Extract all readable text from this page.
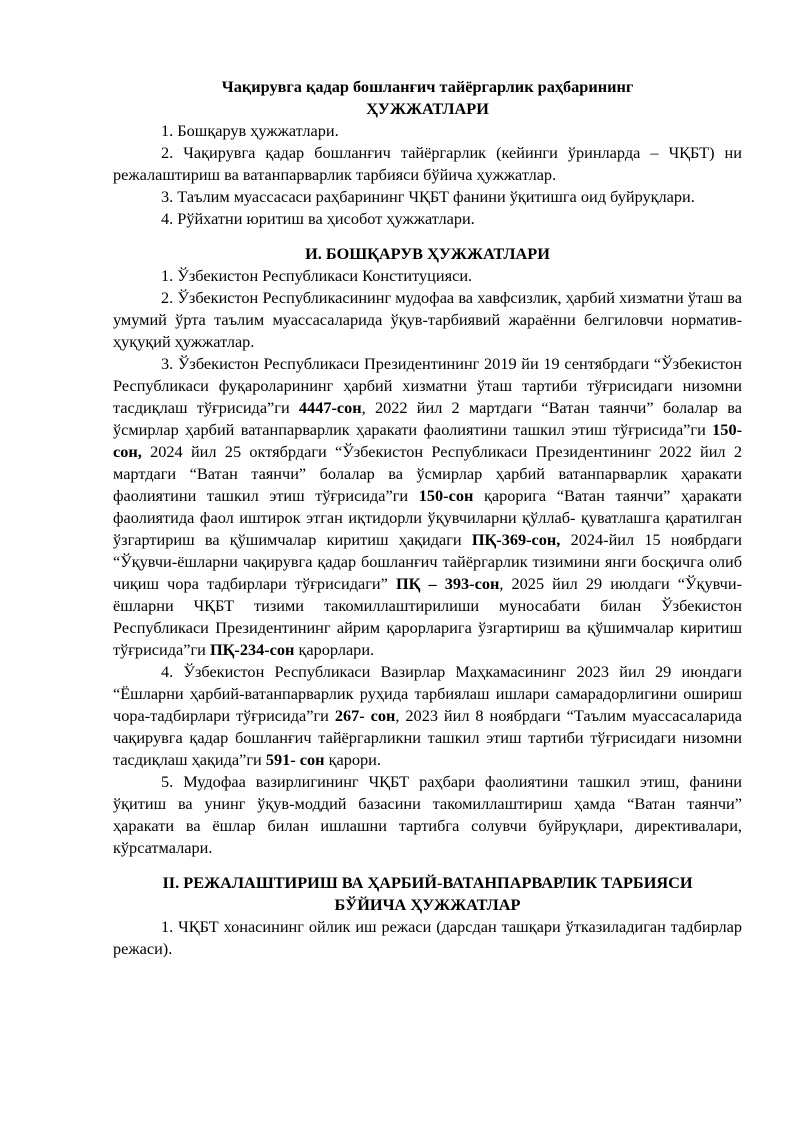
Чақирувга қадар бошланғич тайёргарлик раҳбарининг

ҲУЖЖАТЛАРИ

1. Бошқарув ҳужжатлари.

2. Чақирувга қадар бошланғич тайёргарлик (кейинги ўринларда – ЧҚБТ) ни режалаштириш ва ватанпарварлик тарбияси бўйича ҳужжатлар.

3. Таълим муассасаси раҳбарининг ЧҚБТ фанини ўқитишга оид буйруқлари.

4. Рўйхатни юритиш ва ҳисобот ҳужжатлари.

И. БОШҚАРУВ ҲУЖЖАТЛАРИ

1. Ўзбекистон Республикаси Конституцияси.

2. Ўзбекистон Республикасининг мудофаа ва хавфсизлик, ҳарбий хизматни ўташ ва умумий ўрта таълим муассасаларида ўқув-тарбиявий жараённи белгиловчи норматив-ҳуқуқий ҳужжатлар.

3. Ўзбекистон Республикаси Президентининг 2019 йи 19 сентябрдаги “Ўзбекистон Республикаси фуқароларининг ҳарбий хизматни ўташ тартиби тўғрисидаги низомни тасдиқлаш тўғрисида”ги 4447-сон, 2022 йил 2 мартдаги “Ватан таянчи” болалар ва ўсмирлар ҳарбий ватанпарварлик ҳаракати фаолиятини ташкил этиш тўғрисида”ги 150-сон, 2024 йил 25 октябрдаги “Ўзбекистон Республикаси Президентининг 2022 йил 2 мартдаги “Ватан таянчи” болалар ва ўсмирлар ҳарбий ватанпарварлик ҳаракати фаолиятини ташкил этиш тўғрисида”ги 150-сон қарорига “Ватан таянчи” ҳаракати фаолиятида фаол иштирок этган иқтидорли ўқувчиларни қўллаб- қуватлашга қаратилган ўзгартириш ва қўшимчалар киритиш ҳақидаги ПҚ-369-сон, 2024-йил 15 ноябрдаги “Ўқувчи-ёшларни чақирувга қадар бошланғич тайёргарлик тизимини янги босқичга олиб чиқиш чора тадбирлари тўғрисидаги” ПҚ – 393-сон, 2025 йил 29 июлдаги “Ўқувчи-ёшларни ЧҚБТ тизими такомиллаштирилиши муносабати билан Ўзбекистон Республикаси Президентининг айрим қарорларига ўзгартириш ва қўшимчалар киритиш тўғрисида”ги ПҚ-234-сон қарорлари.

4. Ўзбекистон Республикаси Вазирлар Маҳкамасининг 2023 йил 29 июндаги “Ёшларни ҳарбий-ватанпарварлик руҳида тарбиялаш ишлари самарадорлигини ошириш чора-тадбирлари тўғрисида”ги 267- сон, 2023 йил 8 ноябрдаги “Таълим муассасаларида чақирувга қадар бошланғич тайёргарликни ташкил этиш тартиби тўғрисидаги низомни тасдиқлаш ҳақида”ги 591- сон қарори.

5. Мудофаа вазирлигининг ЧҚБТ раҳбари фаолиятини ташкил этиш, фанини ўқитиш ва унинг ўқув-моддий базасини такомиллаштириш ҳамда “Ватан таянчи” ҳаракати ва ёшлар билан ишлашни тартибга солувчи буйруқлари, директивалари, кўрсатмалари.

II. РЕЖАЛАШТИРИШ ВА ҲАРБИЙ-ВАТАНПАРВАРЛИК ТАРБИЯСИ

БЎЙИЧА ҲУЖЖАТЛАР

1. ЧҚБТ хонасининг ойлик иш режаси (дарсдан ташқари ўтказиладиган тадбирлар режаси).
